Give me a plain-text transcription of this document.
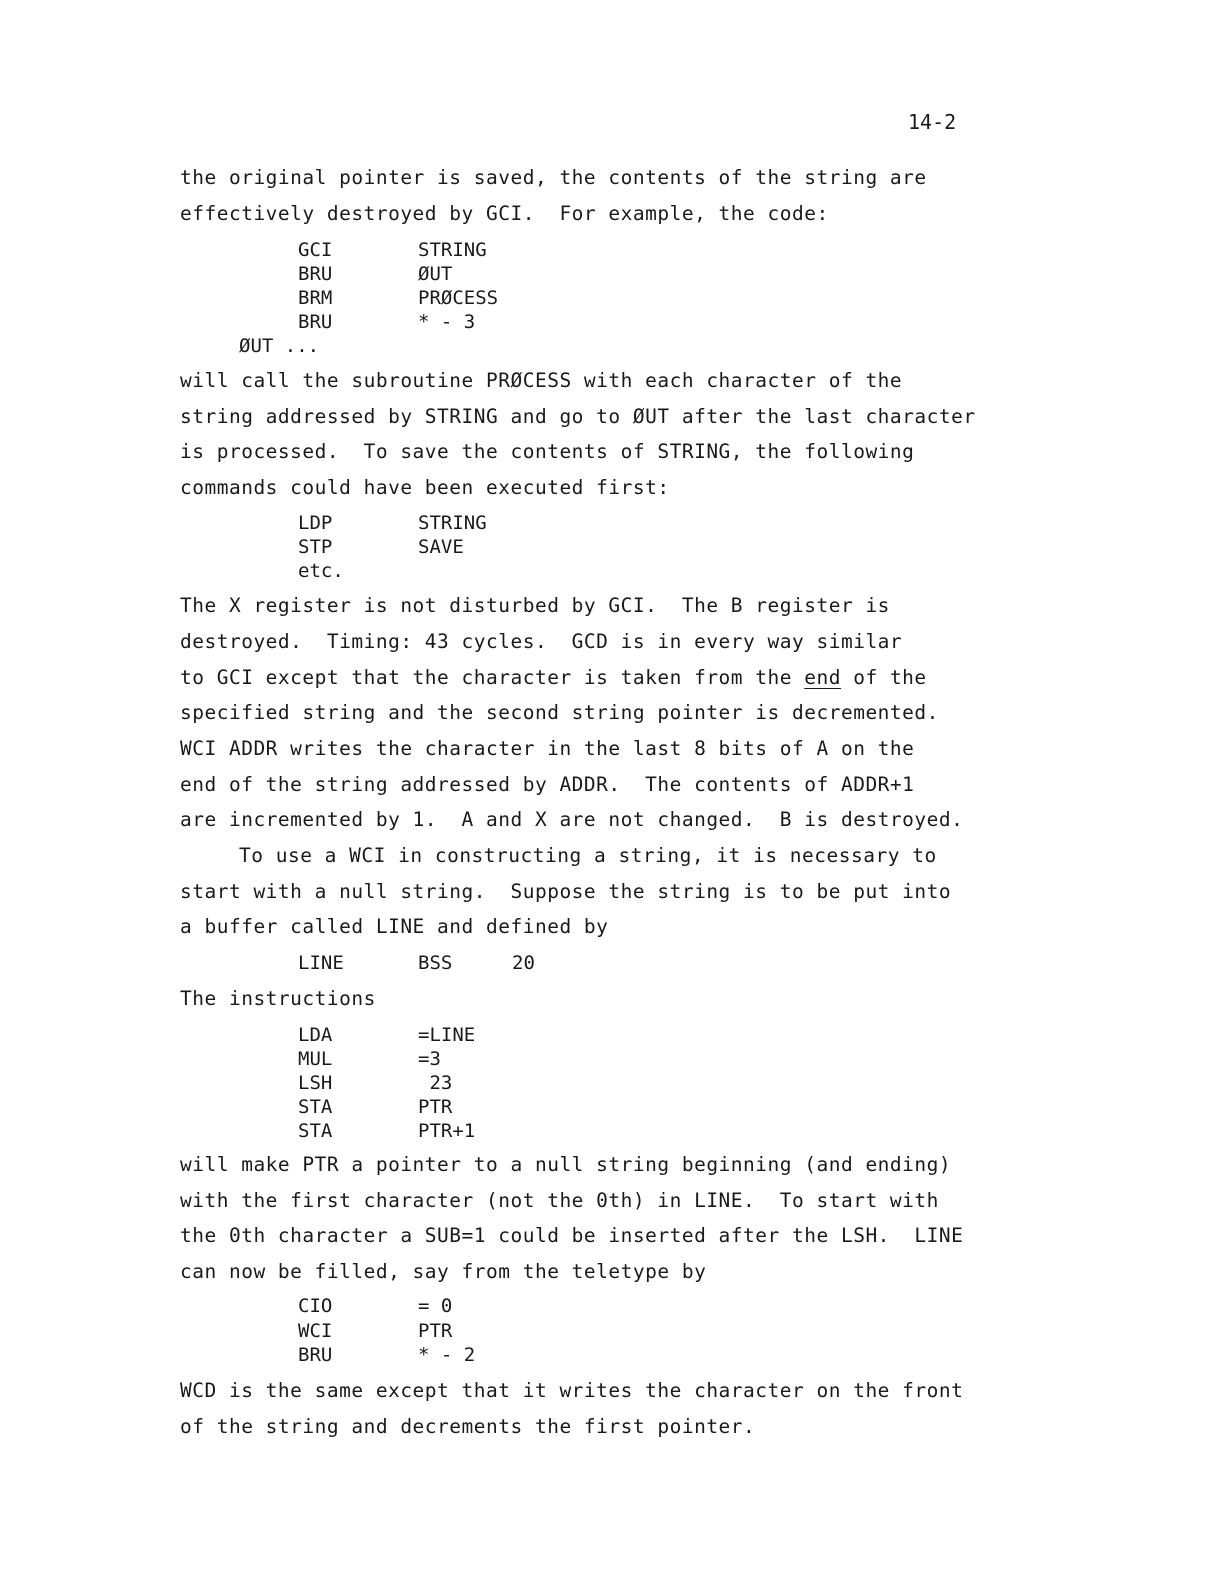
14-2
the original pointer is saved, the contents of the string are
effectively destroyed by GCI.  For example, the code:
GCI	STRING
BRU	ØUT
BRM	PRØCESS
BRU	* - 3
ØUT ...
will call the subroutine PRØCESS with each character of the
string addressed by STRING and go to ØUT after the last character
is processed.  To save the contents of STRING, the following
commands could have been executed first:
LDP	STRING
STP	SAVE
etc.
The X register is not disturbed by GCI.  The B register is
destroyed.  Timing: 43 cycles.  GCD is in every way similar
to GCI except that the character is taken from the end of the
specified string and the second string pointer is decremented.
WCI ADDR writes the character in the last 8 bits of A on the
end of the string addressed by ADDR.  The contents of ADDR+1
are incremented by 1.  A and X are not changed.  B is destroyed.
To use a WCI in constructing a string, it is necessary to
start with a null string.  Suppose the string is to be put into
a buffer called LINE and defined by
LINE	BSS	20
The instructions
LDA	=LINE
MUL	=3
LSH	23
STA	PTR
STA	PTR+1
will make PTR a pointer to a null string beginning (and ending)
with the first character (not the 0th) in LINE.  To start with
the 0th character a SUB=1 could be inserted after the LSH.  LINE
can now be filled, say from the teletype by
CIO	= 0
WCI	PTR
BRU	* - 2
WCD is the same except that it writes the character on the front
of the string and decrements the first pointer.
